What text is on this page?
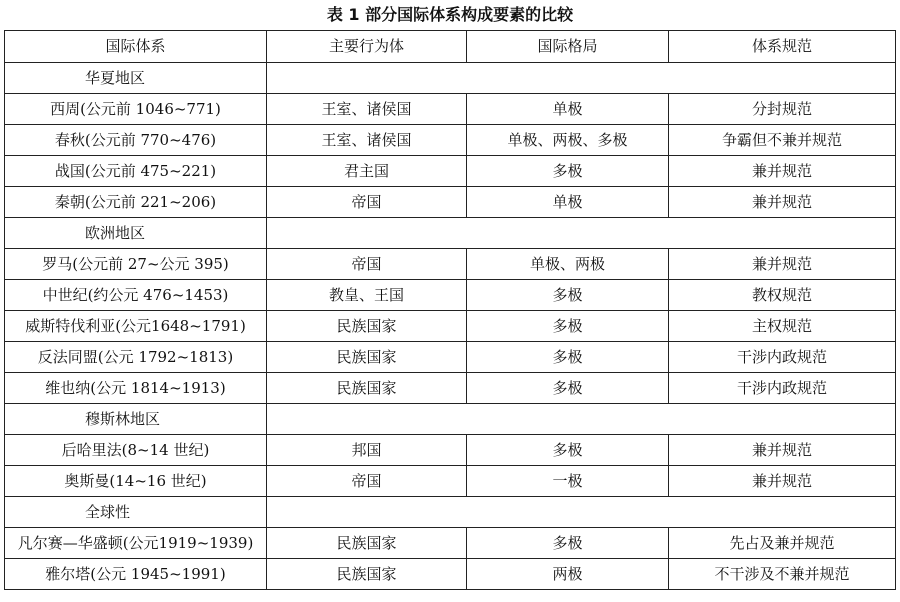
表 1 部分国际体系构成要素的比较
国际体系	主要行为体	国际格局	体系规范
华夏地区			
西周(公元前 1046~771)	王室、诸侯国	单极	分封规范
春秋(公元前 770~476)	王室、诸侯国	单极、两极、多极	争霸但不兼并规范
战国(公元前 475~221)	君主国	多极	兼并规范
秦朝(公元前 221~206)	帝国	单极	兼并规范
欧洲地区			
罗马(公元前 27~公元 395)	帝国	单极、两极	兼并规范
中世纪(约公元 476~1453)	教皇、王国	多极	教权规范
威斯特伐利亚(公元1648~1791)	民族国家	多极	主权规范
反法同盟(公元 1792~1813)	民族国家	多极	干涉内政规范
维也纳(公元 1814~1913)	民族国家	多极	干涉内政规范
穆斯林地区			
后哈里法(8~14 世纪)	邦国	多极	兼并规范
奥斯曼(14~16 世纪)	帝国	一极	兼并规范
全球性			
凡尔赛—华盛顿(公元1919~1939)	民族国家	多极	先占及兼并规范
雅尔塔(公元 1945~1991)	民族国家	两极	不干涉及不兼并规范
